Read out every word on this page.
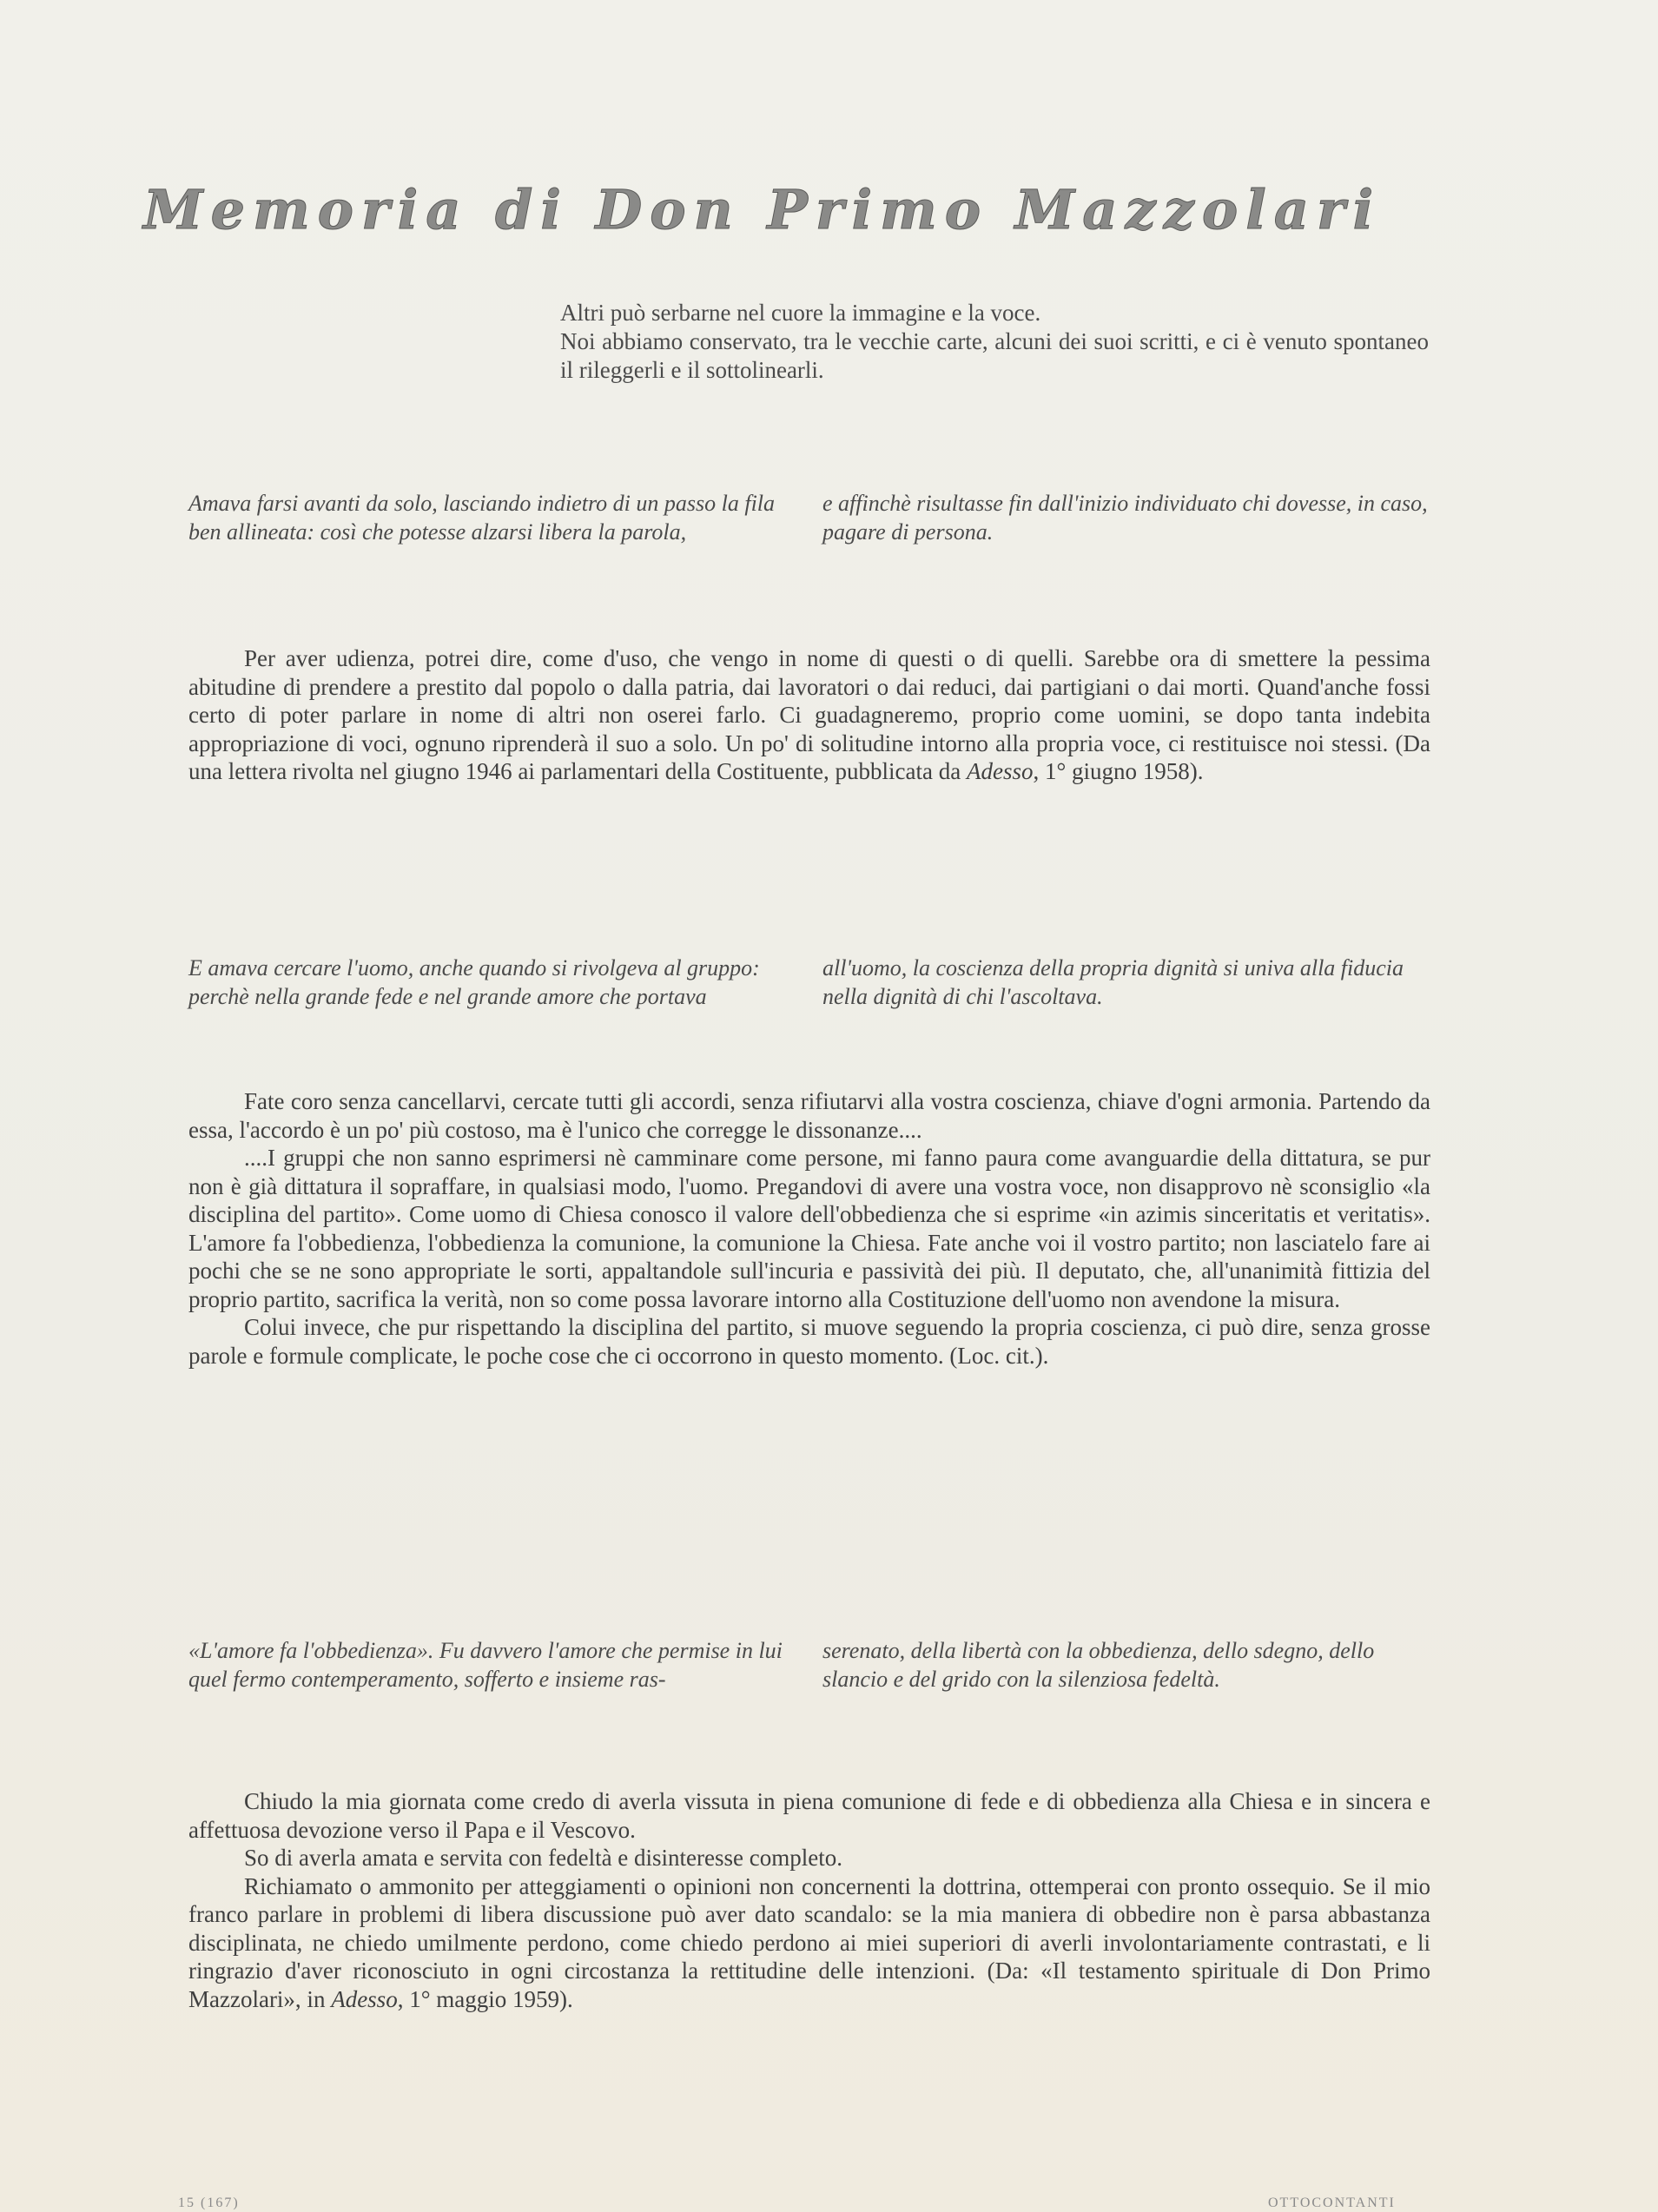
Memoria di Don Primo Mazzolari

Altri può serbarne nel cuore la immagine e la voce.

Noi abbiamo conservato, tra le vecchie carte, alcuni dei suoi scritti, e ci è venuto spontaneo il rileggerli e il sottolinearli.

Amava farsi avanti da solo, lasciando indietro di un passo la fila ben allineata: così che potesse alzarsi libera la parola,

e affinchè risultasse fin dall'inizio individuato chi dovesse, in caso, pagare di persona.

Per aver udienza, potrei dire, come d'uso, che vengo in nome di questi o di quelli. Sarebbe ora di smettere la pessima abitudine di prendere a prestito dal popolo o dalla patria, dai lavoratori o dai reduci, dai partigiani o dai morti. Quand'anche fossi certo di poter parlare in nome di altri non oserei farlo. Ci guadagneremo, proprio come uomini, se dopo tanta indebita appropriazione di voci, ognuno riprenderà il suo a solo. Un po' di solitudine intorno alla propria voce, ci restituisce noi stessi. (Da una lettera rivolta nel giugno 1946 ai parlamentari della Costituente, pubblicata da Adesso, 1° giugno 1958).

E amava cercare l'uomo, anche quando si rivolgeva al gruppo: perchè nella grande fede e nel grande amore che portava

all'uomo, la coscienza della propria dignità si univa alla fiducia nella dignità di chi l'ascoltava.

Fate coro senza cancellarvi, cercate tutti gli accordi, senza rifiutarvi alla vostra coscienza, chiave d'ogni armonia. Partendo da essa, l'accordo è un po' più costoso, ma è l'unico che corregge le dissonanze....

....I gruppi che non sanno esprimersi nè camminare come persone, mi fanno paura come avanguardie della dittatura, se pur non è già dittatura il sopraffare, in qualsiasi modo, l'uomo. Pregandovi di avere una vostra voce, non disapprovo nè sconsiglio «la disciplina del partito». Come uomo di Chiesa conosco il valore dell'obbedienza che si esprime «in azimis sinceritatis et veritatis». L'amore fa l'obbedienza, l'obbedienza la comunione, la comunione la Chiesa. Fate anche voi il vostro partito; non lasciatelo fare ai pochi che se ne sono appropriate le sorti, appaltandole sull'incuria e passività dei più. Il deputato, che, all'unanimità fittizia del proprio partito, sacrifica la verità, non so come possa lavorare intorno alla Costituzione dell'uomo non avendone la misura.

Colui invece, che pur rispettando la disciplina del partito, si muove seguendo la propria coscienza, ci può dire, senza grosse parole e formule complicate, le poche cose che ci occorrono in questo momento. (Loc. cit.).

«L'amore fa l'obbedienza». Fu davvero l'amore che permise in lui quel fermo contemperamento, sofferto e insieme ras-

serenato, della libertà con la obbedienza, dello sdegno, dello slancio e del grido con la silenziosa fedeltà.

Chiudo la mia giornata come credo di averla vissuta in piena comunione di fede e di obbedienza alla Chiesa e in sincera e affettuosa devozione verso il Papa e il Vescovo.

So di averla amata e servita con fedeltà e disinteresse completo.

Richiamato o ammonito per atteggiamenti o opinioni non concernenti la dottrina, ottemperai con pronto ossequio. Se il mio franco parlare in problemi di libera discussione può aver dato scandalo: se la mia maniera di obbedire non è parsa abbastanza disciplinata, ne chiedo umilmente perdono, come chiedo perdono ai miei superiori di averli involontariamente contrastati, e li ringrazio d'aver riconosciuto in ogni circostanza la rettitudine delle intenzioni. (Da: «Il testamento spirituale di Don Primo Mazzolari», in Adesso, 1° maggio 1959).

15 (167)	OTTOCONTANTI
